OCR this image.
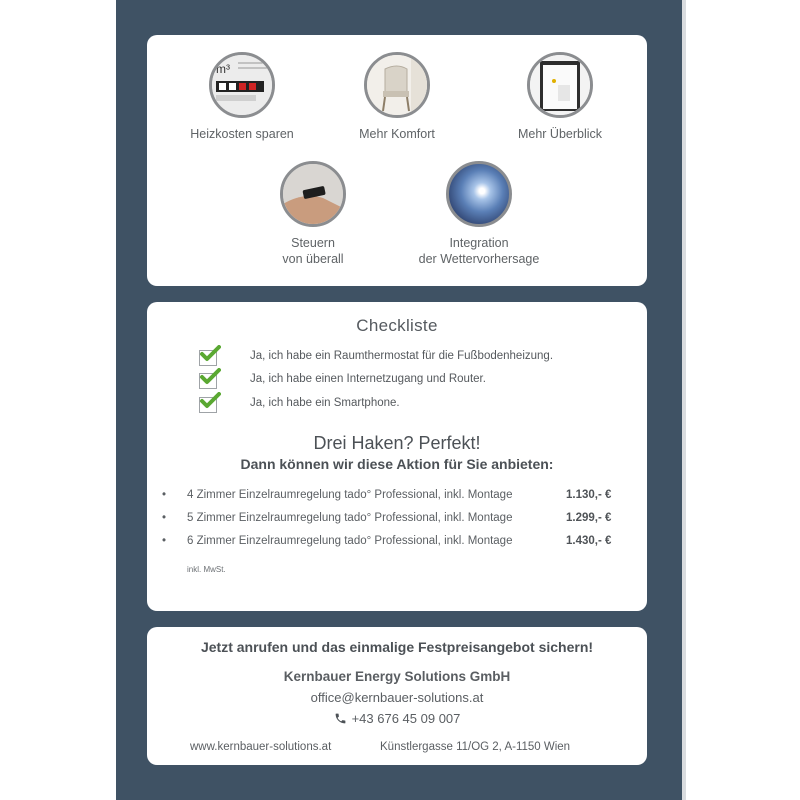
m³
Heizkosten sparen	Mehr Komfort	Mehr Überblick
Steuern
von überall
Integration
der Wettervorhersage
Checkliste
Ja, ich habe ein Raumthermostat für die Fußbodenheizung.
Ja, ich habe einen Internetzugang und Router.
Ja, ich habe ein Smartphone.
Drei Haken? Perfekt!
Dann können wir diese Aktion für Sie anbieten:
• 4 Zimmer Einzelraumregelung tado° Professional, inkl. Montage	1.130,- €
• 5 Zimmer Einzelraumregelung tado° Professional, inkl. Montage	1.299,- €
• 6 Zimmer Einzelraumregelung tado° Professional, inkl. Montage	1.430,- €
inkl. MwSt.
Jetzt anrufen und das einmalige Festpreisangebot sichern!
Kernbauer Energy Solutions GmbH
office@kernbauer-solutions.at
+43 676 45 09 007
www.kernbauer-solutions.at	Künstlergasse 11/OG 2, A-1150 Wien
